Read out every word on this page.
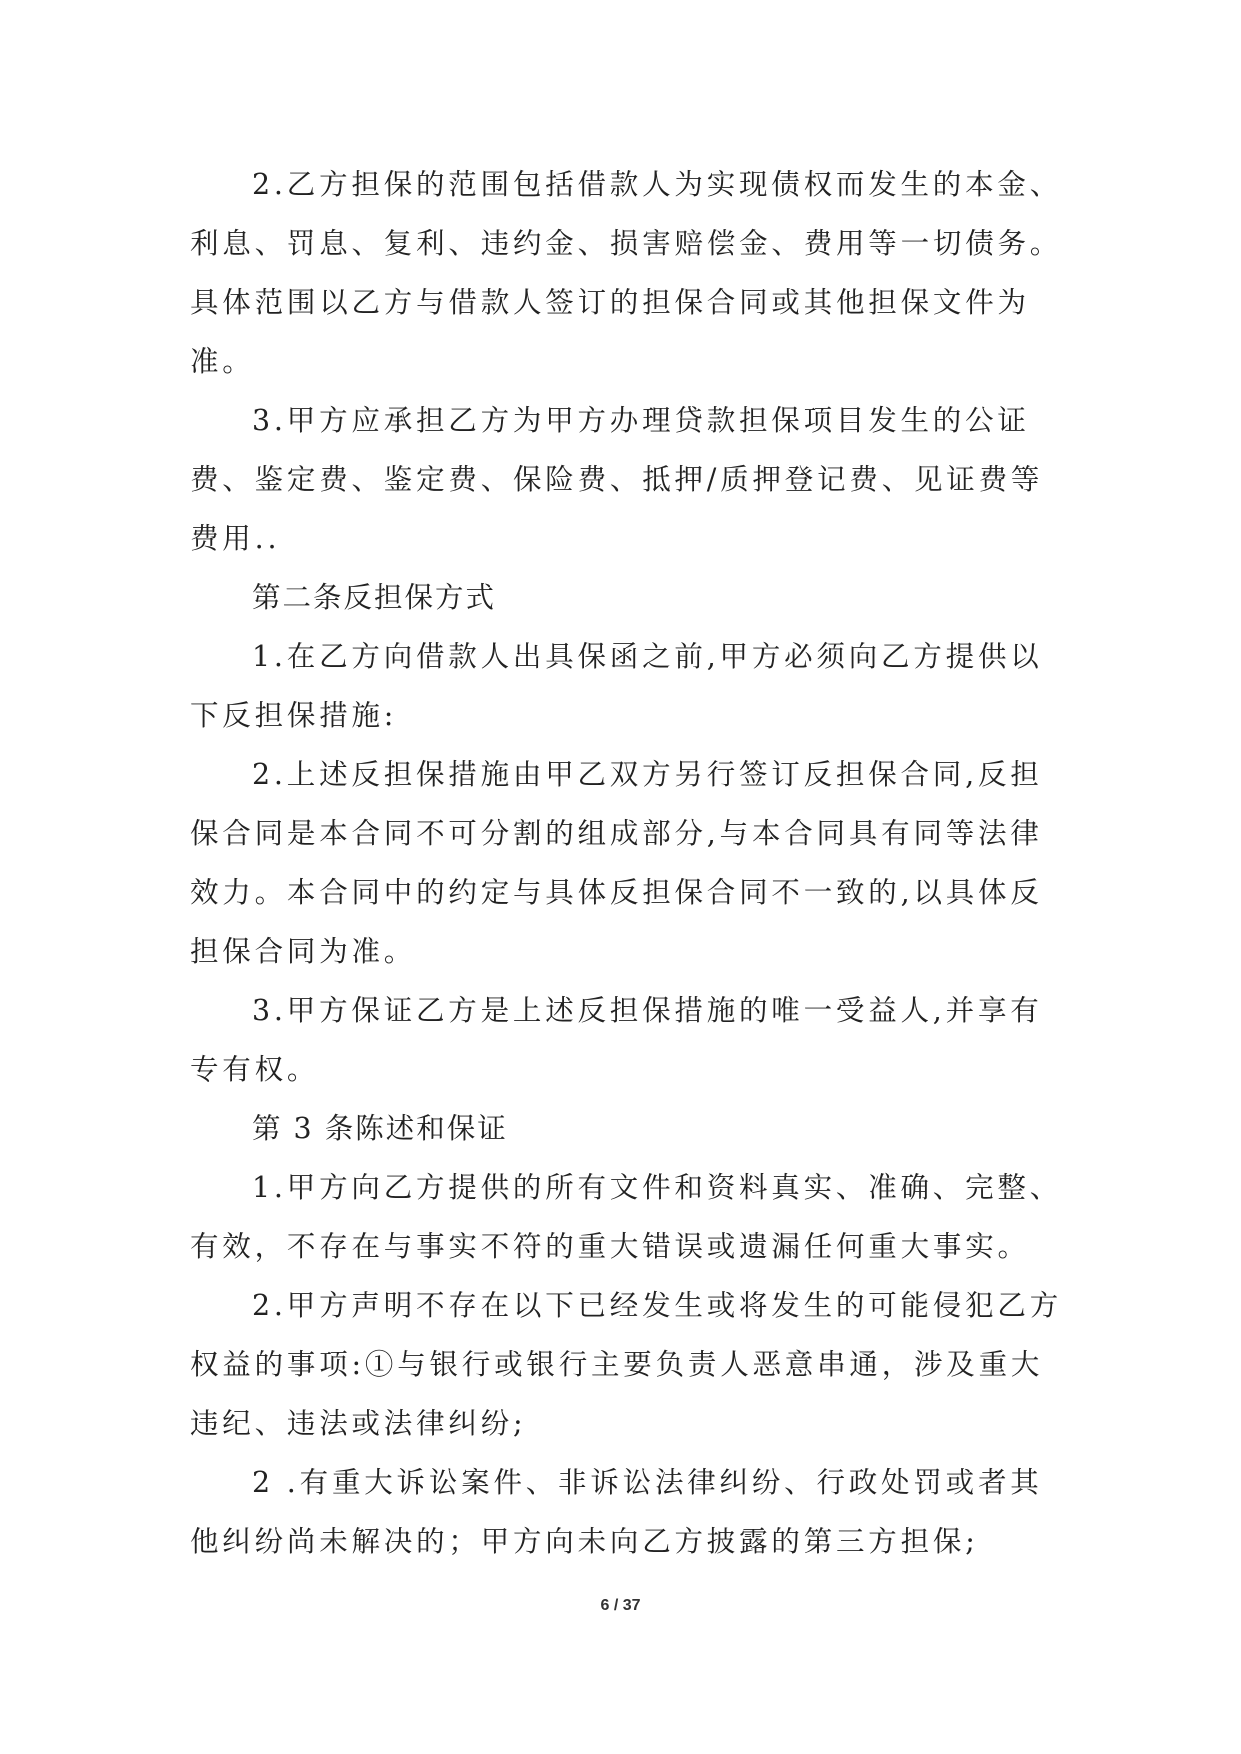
2.乙方担保的范围包括借款人为实现债权而发生的本金、利息、罚息、复利、违约金、损害赔偿金、费用等一切债务。具体范围以乙方与借款人签订的担保合同或其他担保文件为准。

3.甲方应承担乙方为甲方办理贷款担保项目发生的公证费、鉴定费、鉴定费、保险费、抵押/质押登记费、见证费等费用..

第二条反担保方式

1.在乙方向借款人出具保函之前,甲方必须向乙方提供以下反担保措施:

2.上述反担保措施由甲乙双方另行签订反担保合同,反担保合同是本合同不可分割的组成部分,与本合同具有同等法律效力。本合同中的约定与具体反担保合同不一致的,以具体反担保合同为准。

3.甲方保证乙方是上述反担保措施的唯一受益人,并享有专有权。

第 3 条陈述和保证

1.甲方向乙方提供的所有文件和资料真实、准确、完整、有效，不存在与事实不符的重大错误或遗漏任何重大事实。

2.甲方声明不存在以下已经发生或将发生的可能侵犯乙方权益的事项:①与银行或银行主要负责人恶意串通，涉及重大违纪、违法或法律纠纷;

2 .有重大诉讼案件、非诉讼法律纠纷、行政处罚或者其他纠纷尚未解决的；甲方向未向乙方披露的第三方担保;

6 / 37
